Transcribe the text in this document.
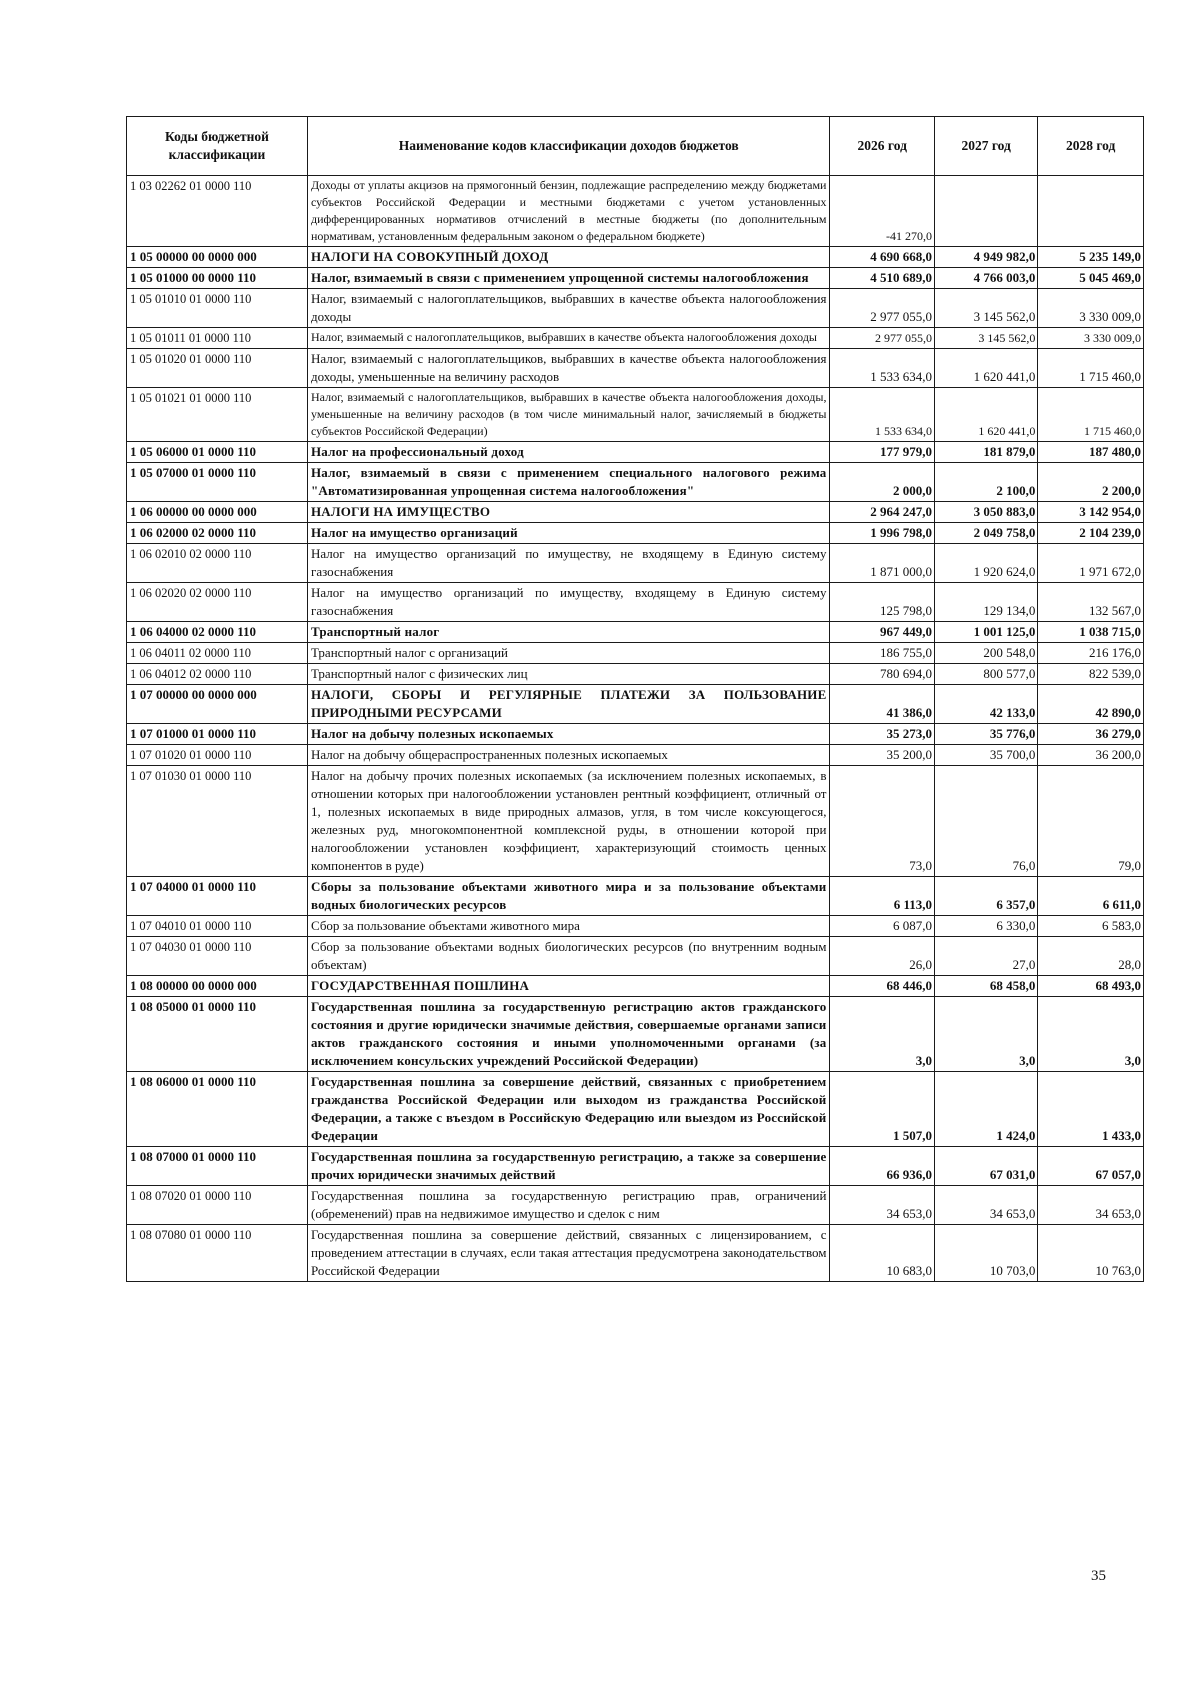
Коды бюджетной классификации	Наименование кодов классификации доходов бюджетов	2026 год	2027 год	2028 год
1 03 02262 01 0000 110	Доходы от уплаты акцизов на прямогонный бензин, подлежащие распределению между бюджетами субъектов Российской Федерации и местными бюджетами с учетом установленных дифференцированных нормативов отчислений в местные бюджеты (по дополнительным нормативам, установленным федеральным законом о федеральном бюджете)	-41 270,0		
1 05 00000 00 0000 000	НАЛОГИ НА СОВОКУПНЫЙ ДОХОД	4 690 668,0	4 949 982,0	5 235 149,0
1 05 01000 00 0000 110	Налог, взимаемый в связи с применением упрощенной системы налогообложения	4 510 689,0	4 766 003,0	5 045 469,0
1 05 01010 01 0000 110	Налог, взимаемый с налогоплательщиков, выбравших в качестве объекта налогообложения доходы	2 977 055,0	3 145 562,0	3 330 009,0
1 05 01011 01 0000 110	Налог, взимаемый с налогоплательщиков, выбравших в качестве объекта налогообложения доходы	2 977 055,0	3 145 562,0	3 330 009,0
1 05 01020 01 0000 110	Налог, взимаемый с налогоплательщиков, выбравших в качестве объекта налогообложения доходы, уменьшенные на величину расходов	1 533 634,0	1 620 441,0	1 715 460,0
1 05 01021 01 0000 110	Налог, взимаемый с налогоплательщиков, выбравших в качестве объекта налогообложения доходы, уменьшенные на величину расходов (в том числе минимальный налог, зачисляемый в бюджеты субъектов Российской Федерации)	1 533 634,0	1 620 441,0	1 715 460,0
1 05 06000 01 0000 110	Налог на профессиональный доход	177 979,0	181 879,0	187 480,0
1 05 07000 01 0000 110	Налог, взимаемый в связи с применением специального налогового режима "Автоматизированная упрощенная система налогообложения"	2 000,0	2 100,0	2 200,0
1 06 00000 00 0000 000	НАЛОГИ НА ИМУЩЕСТВО	2 964 247,0	3 050 883,0	3 142 954,0
1 06 02000 02 0000 110	Налог на имущество организаций	1 996 798,0	2 049 758,0	2 104 239,0
1 06 02010 02 0000 110	Налог на имущество организаций по имуществу, не входящему в Единую систему газоснабжения	1 871 000,0	1 920 624,0	1 971 672,0
1 06 02020 02 0000 110	Налог на имущество организаций по имуществу, входящему в Единую систему газоснабжения	125 798,0	129 134,0	132 567,0
1 06 04000 02 0000 110	Транспортный налог	967 449,0	1 001 125,0	1 038 715,0
1 06 04011 02 0000 110	Транспортный налог с организаций	186 755,0	200 548,0	216 176,0
1 06 04012 02 0000 110	Транспортный налог с физических лиц	780 694,0	800 577,0	822 539,0
1 07 00000 00 0000 000	НАЛОГИ, СБОРЫ И РЕГУЛЯРНЫЕ ПЛАТЕЖИ ЗА ПОЛЬЗОВАНИЕ ПРИРОДНЫМИ РЕСУРСАМИ	41 386,0	42 133,0	42 890,0
1 07 01000 01 0000 110	Налог на добычу полезных ископаемых	35 273,0	35 776,0	36 279,0
1 07 01020 01 0000 110	Налог на добычу общераспространенных полезных ископаемых	35 200,0	35 700,0	36 200,0
1 07 01030 01 0000 110	Налог на добычу прочих полезных ископаемых (за исключением полезных ископаемых, в отношении которых при налогообложении установлен рентный коэффициент, отличный от 1, полезных ископаемых в виде природных алмазов, угля, в том числе коксующегося, железных руд, многокомпонентной комплексной руды, в отношении которой при налогообложении установлен коэффициент, характеризующий стоимость ценных компонентов в руде)	73,0	76,0	79,0
1 07 04000 01 0000 110	Сборы за пользование объектами животного мира и за пользование объектами водных биологических ресурсов	6 113,0	6 357,0	6 611,0
1 07 04010 01 0000 110	Сбор за пользование объектами животного мира	6 087,0	6 330,0	6 583,0
1 07 04030 01 0000 110	Сбор за пользование объектами водных биологических ресурсов (по внутренним водным объектам)	26,0	27,0	28,0
1 08 00000 00 0000 000	ГОСУДАРСТВЕННАЯ ПОШЛИНА	68 446,0	68 458,0	68 493,0
1 08 05000 01 0000 110	Государственная пошлина за государственную регистрацию актов гражданского состояния и другие юридически значимые действия, совершаемые органами записи актов гражданского состояния и иными уполномоченными органами (за исключением консульских учреждений Российской Федерации)	3,0	3,0	3,0
1 08 06000 01 0000 110	Государственная пошлина за совершение действий, связанных с приобретением гражданства Российской Федерации или выходом из гражданства Российской Федерации, а также с въездом в Российскую Федерацию или выездом из Российской Федерации	1 507,0	1 424,0	1 433,0
1 08 07000 01 0000 110	Государственная пошлина за государственную регистрацию, а также за совершение прочих юридически значимых действий	66 936,0	67 031,0	67 057,0
1 08 07020 01 0000 110	Государственная пошлина за государственную регистрацию прав, ограничений (обременений) прав на недвижимое имущество и сделок с ним	34 653,0	34 653,0	34 653,0
1 08 07080 01 0000 110	Государственная пошлина за совершение действий, связанных с лицензированием, с проведением аттестации в случаях, если такая аттестация предусмотрена законодательством Российской Федерации	10 683,0	10 703,0	10 763,0
35
